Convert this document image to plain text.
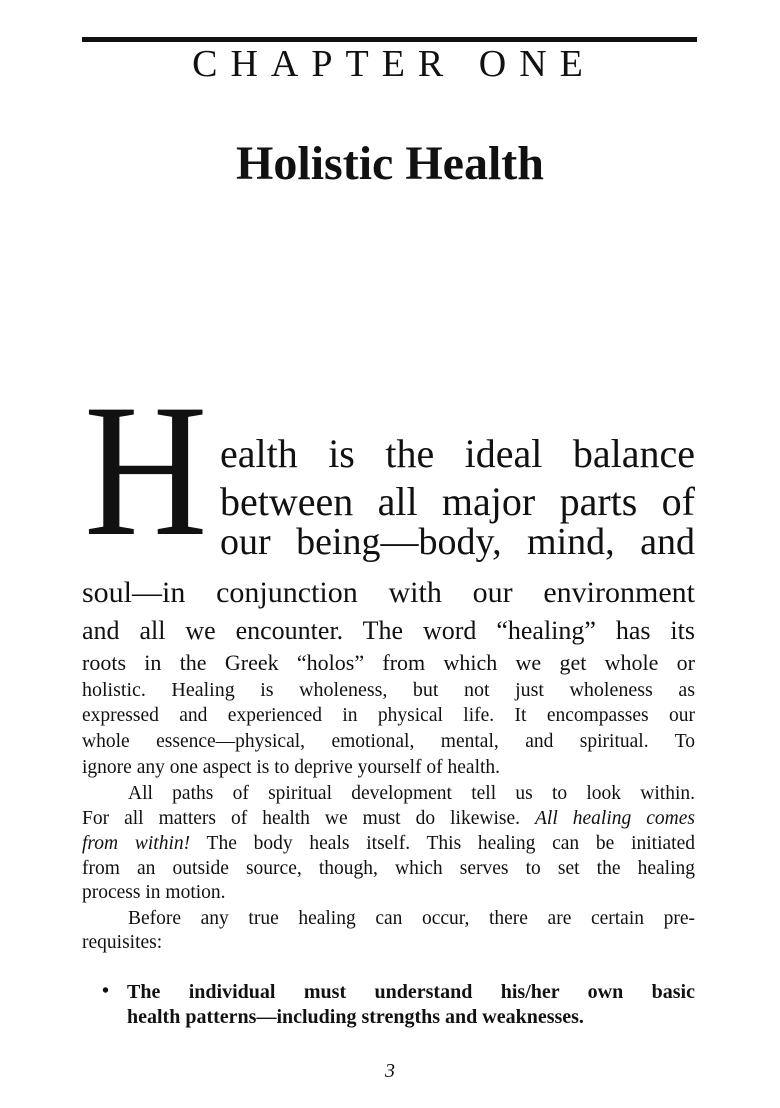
CHAPTER ONE
Holistic Health
H ealth is the ideal balance
between all major parts of
our being—body, mind, and
soul—in conjunction with our environment
and all we encounter. The word “healing” has its
roots in the Greek “holos” from which we get whole or
holistic. Healing is wholeness, but not just wholeness as
expressed and experienced in physical life. It encompasses our
whole essence—physical, emotional, mental, and spiritual. To
ignore any one aspect is to deprive yourself of health.
All paths of spiritual development tell us to look within.
For all matters of health we must do likewise. All healing comes
from within! The body heals itself. This healing can be initiated
from an outside source, though, which serves to set the healing
process in motion.
Before any true healing can occur, there are certain pre-
requisites:
• The individual must understand his/her own basic
health patterns—including strengths and weaknesses.
3
